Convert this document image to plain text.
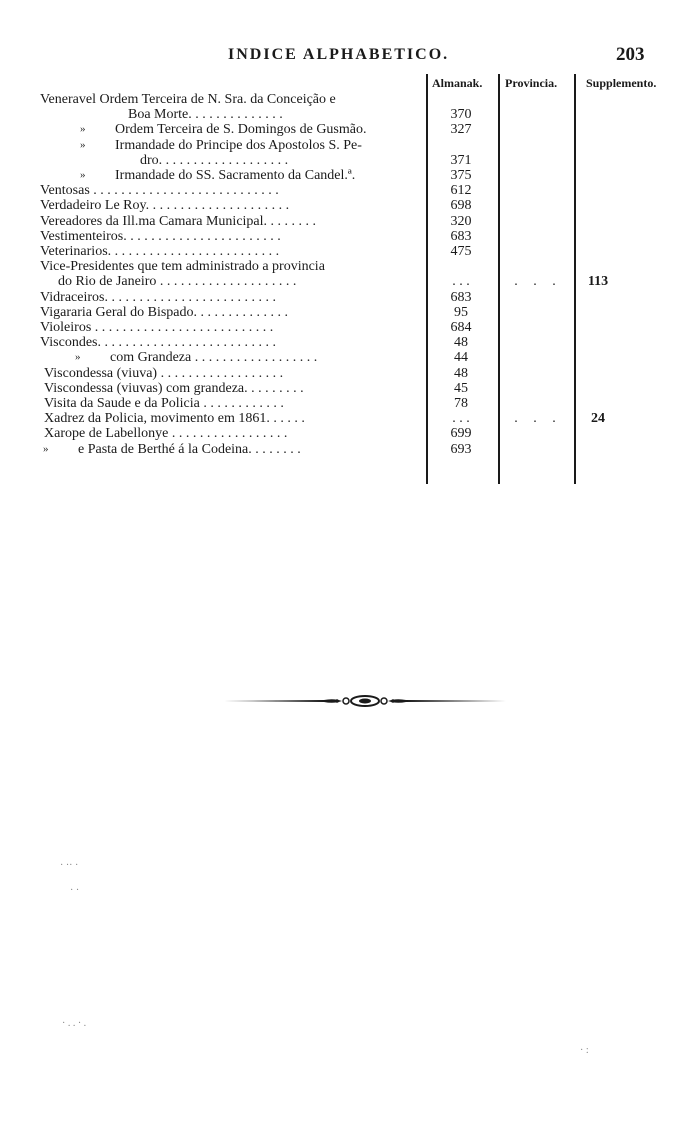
INDICE ALPHABETICO.	203
Almanak. Provincia. Supplemento.
Veneravel Ordem Terceira de N. Sra. da Conceição e
Boa Morte. . . . . . . . . . . . . .	370
» Ordem Terceira de S. Domingos de Gusmão.	327
» Irmandade do Principe dos Apostolos S. Pe-
dro. . . . . . . . . . . . . . . . . . .	371
» Irmandade do SS. Sacramento da Candel.ª.	375
Ventosas . . . . . . . . . . . . . . . . . . . . . . . . . . .	612
Verdadeiro Le Roy. . . . . . . . . . . . . . . . . . . . .	698
Vereadores da Ill.ma Camara Municipal. . . . . . . .	320
Vestimenteiros. . . . . . . . . . . . . . . . . . . . . . .	683
Veterinarios. . . . . . . . . . . . . . . . . . . . . . . . .	475
Vice-Presidentes que tem administrado a provincia
do Rio de Janeiro . . . . . . . . . . . . . . . . . . . .	. . .	. . .	113
Vidraceiros. . . . . . . . . . . . . . . . . . . . . . . . .	683
Vigararia Geral do Bispado. . . . . . . . . . . . . .	95
Violeiros . . . . . . . . . . . . . . . . . . . . . . . . . .	684
Viscondes. . . . . . . . . . . . . . . . . . . . . . . . . .	48
» com Grandeza . . . . . . . . . . . . . . . . . .	44
Viscondessa (viuva) . . . . . . . . . . . . . . . . . .	48
Viscondessa (viuvas) com grandeza. . . . . . . . .	45
Visita da Saude e da Policia . . . . . . . . . . . .	78
Xadrez da Policia, movimento em 1861. . . . . .	. . .	. . .	24
Xarope de Labellonye . . . . . . . . . . . . . . . . .	699
» e Pasta de Berthé á la Codeina. . . . . . . .	693
· ·· ·
· ·
· . . · .
· :
